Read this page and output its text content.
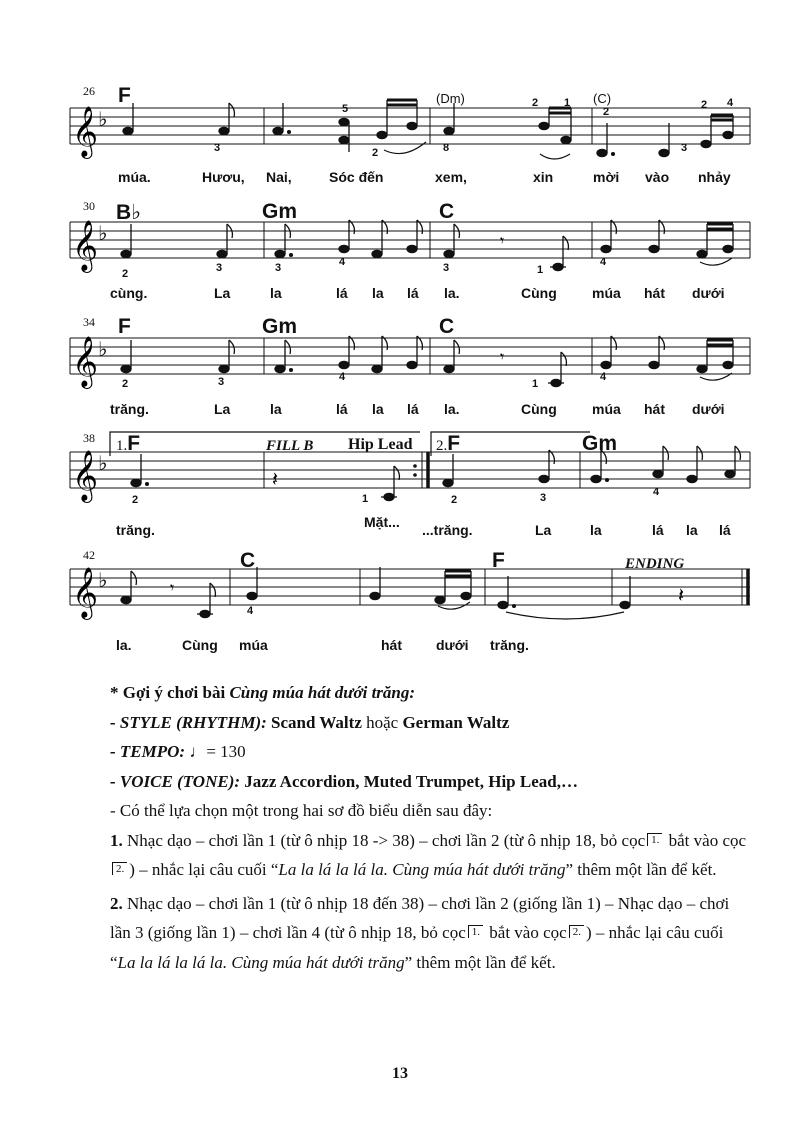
26 F	(Dm)	(C)
5
3	8
2	3
2 1
2
2 4
𝄞 ♭
múa.	Hươu, Nai,	Sóc đến	xem,	xin	mời vào nhảy
30 B♭	Gm	C
2	3	3	4	3	1
4
𝄞 ♭	𝄾
cùng.	La	la	lá la lá la.	Cùng	múa hát dưới
34 F	Gm	C
2	3	4
1
4
𝄞 ♭	𝄾
trăng.	La	la	lá la lá la.	Cùng	múa hát dưới
38 1.F	2.F	Gm
FILL B Hip Lead
2	1	2	3	4
𝄞 ♭
𝄽
trăng.	Mặt... ...trăng.	La	la	lá la lá
42	C	F	ENDING
4
𝄞 ♭	𝄾	𝄽
la.	Cùng múa	hát dưới trăng.

* Gợi ý chơi bài Cùng múa hát dưới trăng:

- STYLE (RHYTHM): Scand Waltz hoặc German Waltz

- TEMPO: ♩= 130

- VOICE (TONE): Jazz Accordion, Muted Trumpet, Hip Lead,…

- Có thể lựa chọn một trong hai sơ đồ biểu diễn sau đây:

1. Nhạc dạo – chơi lần 1 (từ ô nhịp 18 -> 38) – chơi lần 2 (từ ô nhịp 18, bỏ cọc 1. bắt vào cọc2. ) – nhắc lại câu cuối “La la lá la lá la. Cùng múa hát dưới trăng” thêm một lần để kết.

2. Nhạc dạo – chơi lần 1 (từ ô nhịp 18 đến 38) – chơi lần 2 (giống lần 1) – Nhạc dạo – chơi lần 3 (giống lần 1) – chơi lần 4 (từ ô nhịp 18, bỏ cọc 1. bắt vào cọc 2. ) – nhắc lại câu cuối “La la lá la lá la. Cùng múa hát dưới trăng” thêm một lần để kết.

13
